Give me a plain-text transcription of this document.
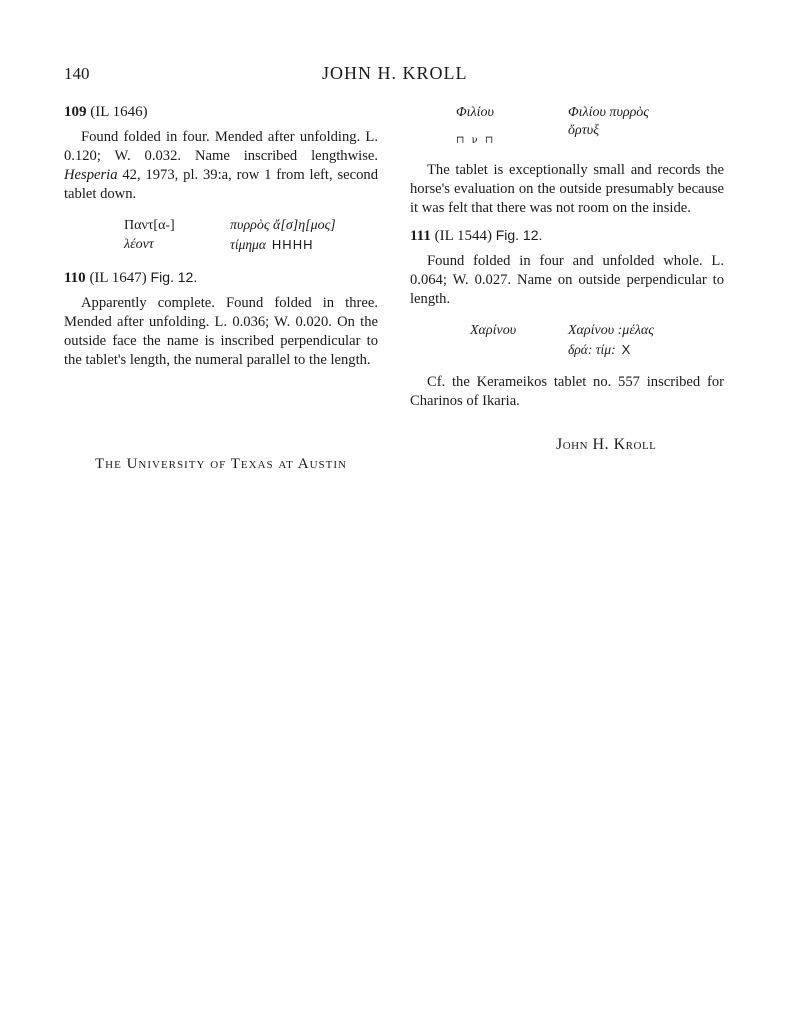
140	JOHN H. KROLL
109 (IL 1646)

Found folded in four. Mended after unfolding. L. 0.120; W. 0.032. Name inscribed lengthwise. Hesperia 42, 1973, pl. 39:a, row 1 from left, second tablet down.

Παντ[α-]
λέοντ
πυρρὸς ἄ[σ]η[μος]
τίμημα HHHH
110 (IL 1647) Fig. 12.

Apparently complete. Found folded in three. Mended after unfolding. L. 0.036; W. 0.020. On the outside face the name is inscribed perpendicular to the tablet's length, the numeral parallel to the length.

Φιλίου
⊓ ν ⊓
Φιλίου πυρρὸς
ὄρτυξ

The tablet is exceptionally small and records the horse's evaluation on the outside presumably because it was felt that there was not room on the inside.

111 (IL 1544) Fig. 12.

Found folded in four and unfolded whole. L. 0.064; W. 0.027. Name on outside perpendicular to length.

Χαρίνου	Χαρίνου :μέλας
δρά: τίμ: X

Cf. the Kerameikos tablet no. 557 inscribed for Charinos of Ikaria.

John H. Kroll
The University of Texas at Austin
